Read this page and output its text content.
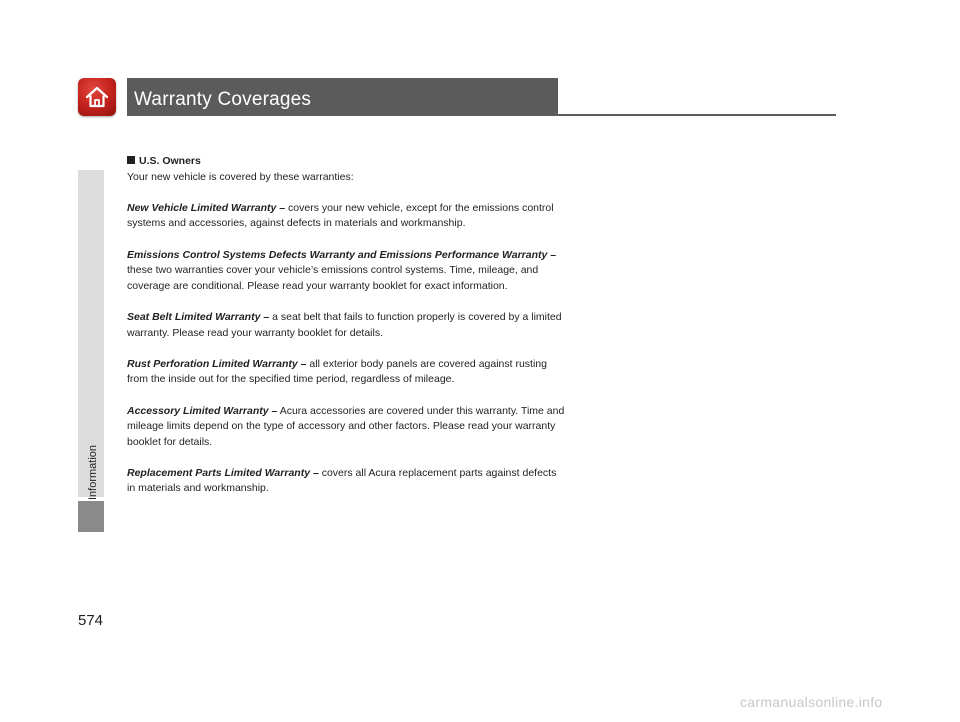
Warranty Coverages
Information
574

U.S. Owners

Your new vehicle is covered by these warranties:

New Vehicle Limited Warranty – covers your new vehicle, except for the emissions control systems and accessories, against defects in materials and workmanship.

Emissions Control Systems Defects Warranty and Emissions Performance Warranty – these two warranties cover your vehicle’s emissions control systems. Time, mileage, and coverage are conditional. Please read your warranty booklet for exact information.

Seat Belt Limited Warranty – a seat belt that fails to function properly is covered by a limited warranty. Please read your warranty booklet for details.

Rust Perforation Limited Warranty – all exterior body panels are covered against rusting from the inside out for the specified time period, regardless of mileage.

Accessory Limited Warranty – Acura accessories are covered under this warranty. Time and mileage limits depend on the type of accessory and other factors. Please read your warranty booklet for details.

Replacement Parts Limited Warranty – covers all Acura replacement parts against defects in materials and workmanship.

carmanualsonline.info
